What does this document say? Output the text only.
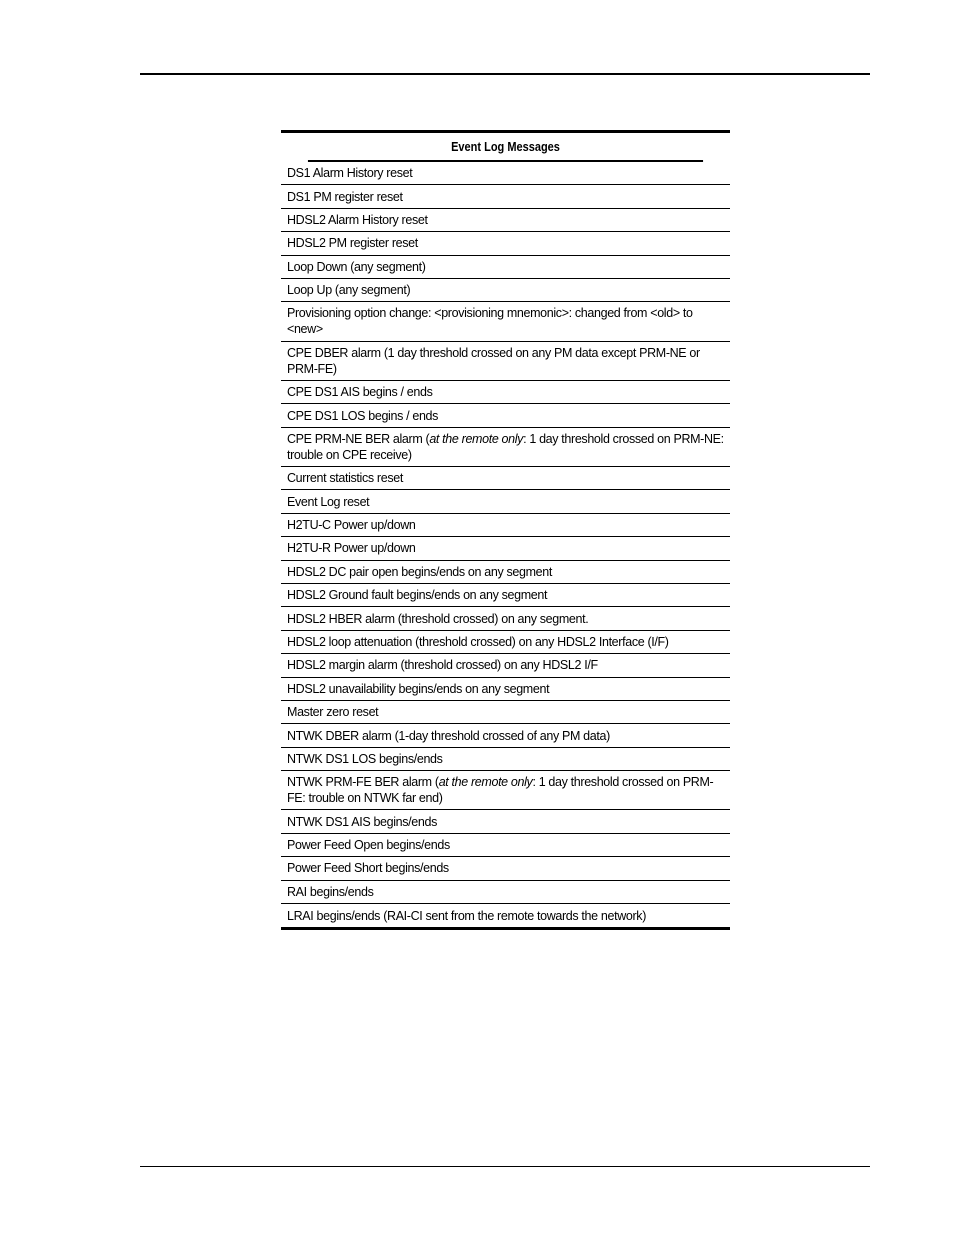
Event Log Messages
DS1 Alarm History reset
DS1 PM register reset
HDSL2 Alarm History reset
HDSL2 PM register reset
Loop Down (any segment)
Loop Up (any segment)
Provisioning option change: <provisioning mnemonic>: changed from <old> to <new>
CPE DBER alarm (1 day threshold crossed on any PM data except PRM-NE or PRM-FE)
CPE DS1 AIS begins / ends
CPE DS1 LOS begins / ends
CPE PRM-NE BER alarm (at the remote only: 1 day threshold crossed on PRM-NE: trouble on CPE receive)
Current statistics reset
Event Log reset
H2TU-C Power up/down
H2TU-R Power up/down
HDSL2 DC pair open begins/ends on any segment
HDSL2 Ground fault begins/ends on any segment
HDSL2 HBER alarm (threshold crossed) on any segment.
HDSL2 loop attenuation (threshold crossed) on any HDSL2 Interface (I/F)
HDSL2 margin alarm (threshold crossed) on any HDSL2 I/F
HDSL2 unavailability begins/ends on any segment
Master zero reset
NTWK DBER alarm (1-day threshold crossed of any PM data)
NTWK DS1 LOS begins/ends
NTWK PRM-FE BER alarm (at the remote only: 1 day threshold crossed on PRM-FE: trouble on NTWK far end)
NTWK DS1 AIS begins/ends
Power Feed Open begins/ends
Power Feed Short begins/ends
RAI begins/ends
LRAI begins/ends (RAI-CI sent from the remote towards the network)
